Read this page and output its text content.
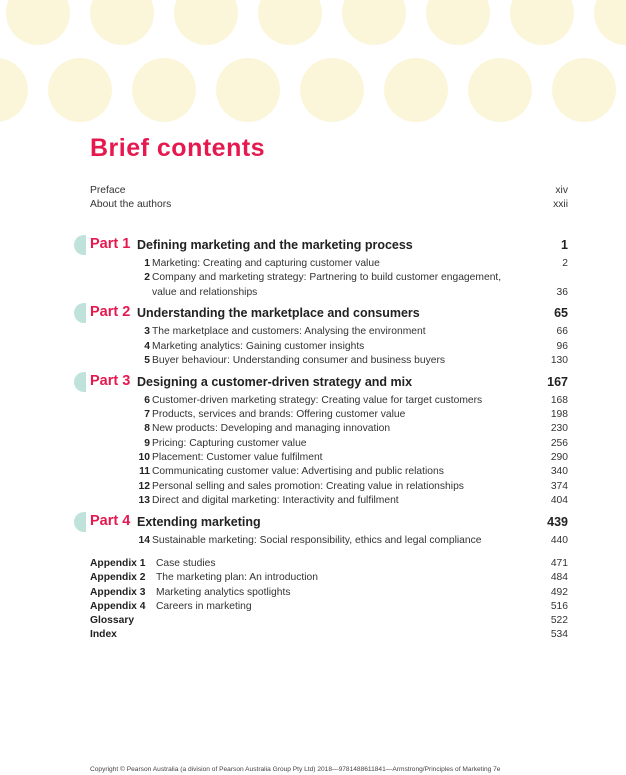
Brief contents
Preface	xiv
About the authors	xxii
Part 1 Defining marketing and the marketing process	1
1 Marketing: Creating and capturing customer value	2
2 Company and marketing strategy: Partnering to build customer engagement,
value and relationships	36
Part 2 Understanding the marketplace and consumers	65
3 The marketplace and customers: Analysing the environment	66
4 Marketing analytics: Gaining customer insights	96
5 Buyer behaviour: Understanding consumer and business buyers	130
Part 3 Designing a customer-driven strategy and mix	167
6 Customer-driven marketing strategy: Creating value for target customers	168
7 Products, services and brands: Offering customer value	198
8 New products: Developing and managing innovation	230
9 Pricing: Capturing customer value	256
10 Placement: Customer value fulfilment	290
11 Communicating customer value: Advertising and public relations	340
12 Personal selling and sales promotion: Creating value in relationships	374
13 Direct and digital marketing: Interactivity and fulfilment	404
Part 4 Extending marketing	439
14 Sustainable marketing: Social responsibility, ethics and legal compliance	440
Appendix 1 Case studies	471
Appendix 2 The marketing plan: An introduction	484
Appendix 3 Marketing analytics spotlights	492
Appendix 4 Careers in marketing	516
Glossary	522
Index	534
Copyright © Pearson Australia (a division of Pearson Australia Group Pty Ltd) 2018—9781488611841—Armstrong/Principles of Marketing 7e
